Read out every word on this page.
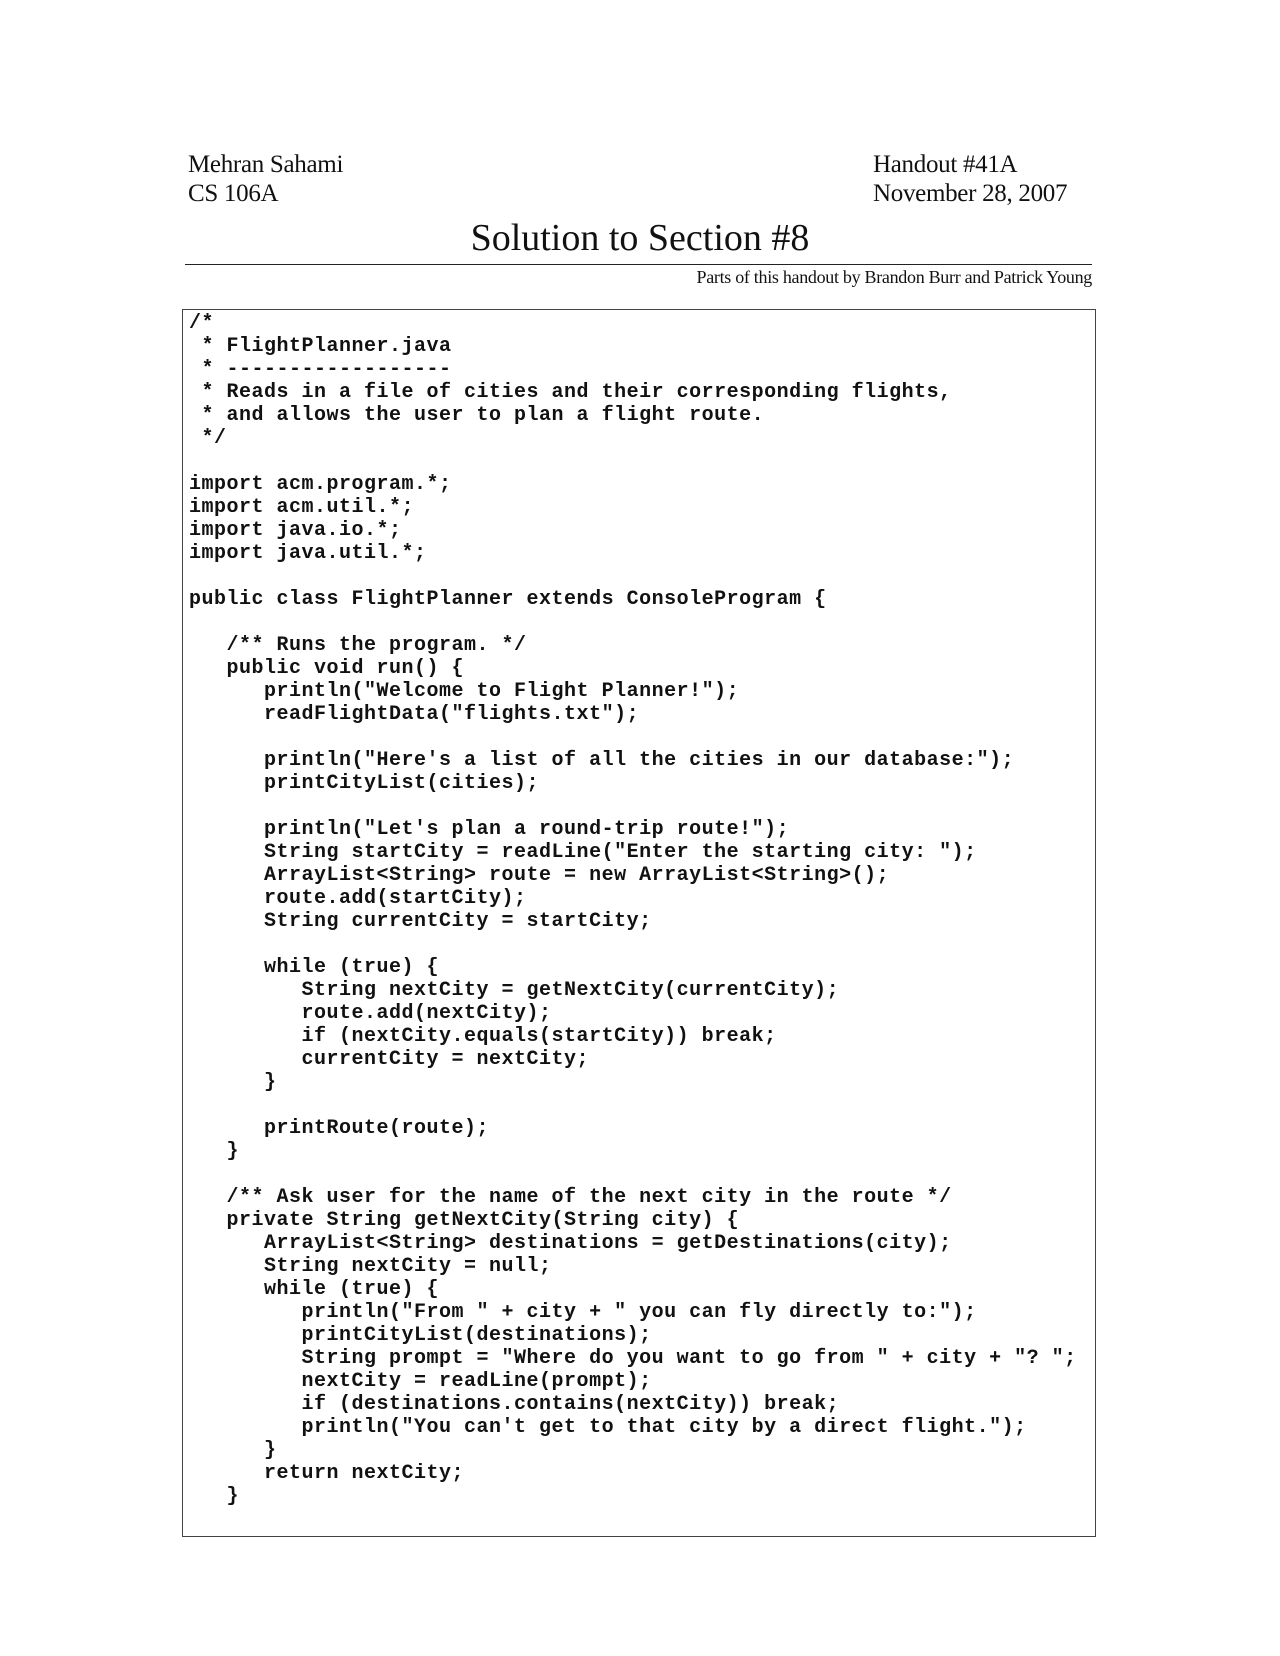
Mehran Sahami
CS 106A
Handout #41A
November 28, 2007
Solution to Section #8
Parts of this handout by Brandon Burr and Patrick Young
/*
* FlightPlanner.java
* ------------------
* Reads in a file of cities and their corresponding flights,
* and allows the user to plan a flight route.
*/

import acm.program.*;
import acm.util.*;
import java.io.*;
import java.util.*;

public class FlightPlanner extends ConsoleProgram {

/** Runs the program. */
public void run() {
println("Welcome to Flight Planner!");
readFlightData("flights.txt");

println("Here's a list of all the cities in our database:");
printCityList(cities);

println("Let's plan a round-trip route!");
String startCity = readLine("Enter the starting city: ");
ArrayList<String> route = new ArrayList<String>();
route.add(startCity);
String currentCity = startCity;

while (true) {
String nextCity = getNextCity(currentCity);
route.add(nextCity);
if (nextCity.equals(startCity)) break;
currentCity = nextCity;
}

printRoute(route);
}

/** Ask user for the name of the next city in the route */
private String getNextCity(String city) {
ArrayList<String> destinations = getDestinations(city);
String nextCity = null;
while (true) {
println("From " + city + " you can fly directly to:");
printCityList(destinations);
String prompt = "Where do you want to go from " + city + "? ";
nextCity = readLine(prompt);
if (destinations.contains(nextCity)) break;
println("You can't get to that city by a direct flight.");
}
return nextCity;
}
